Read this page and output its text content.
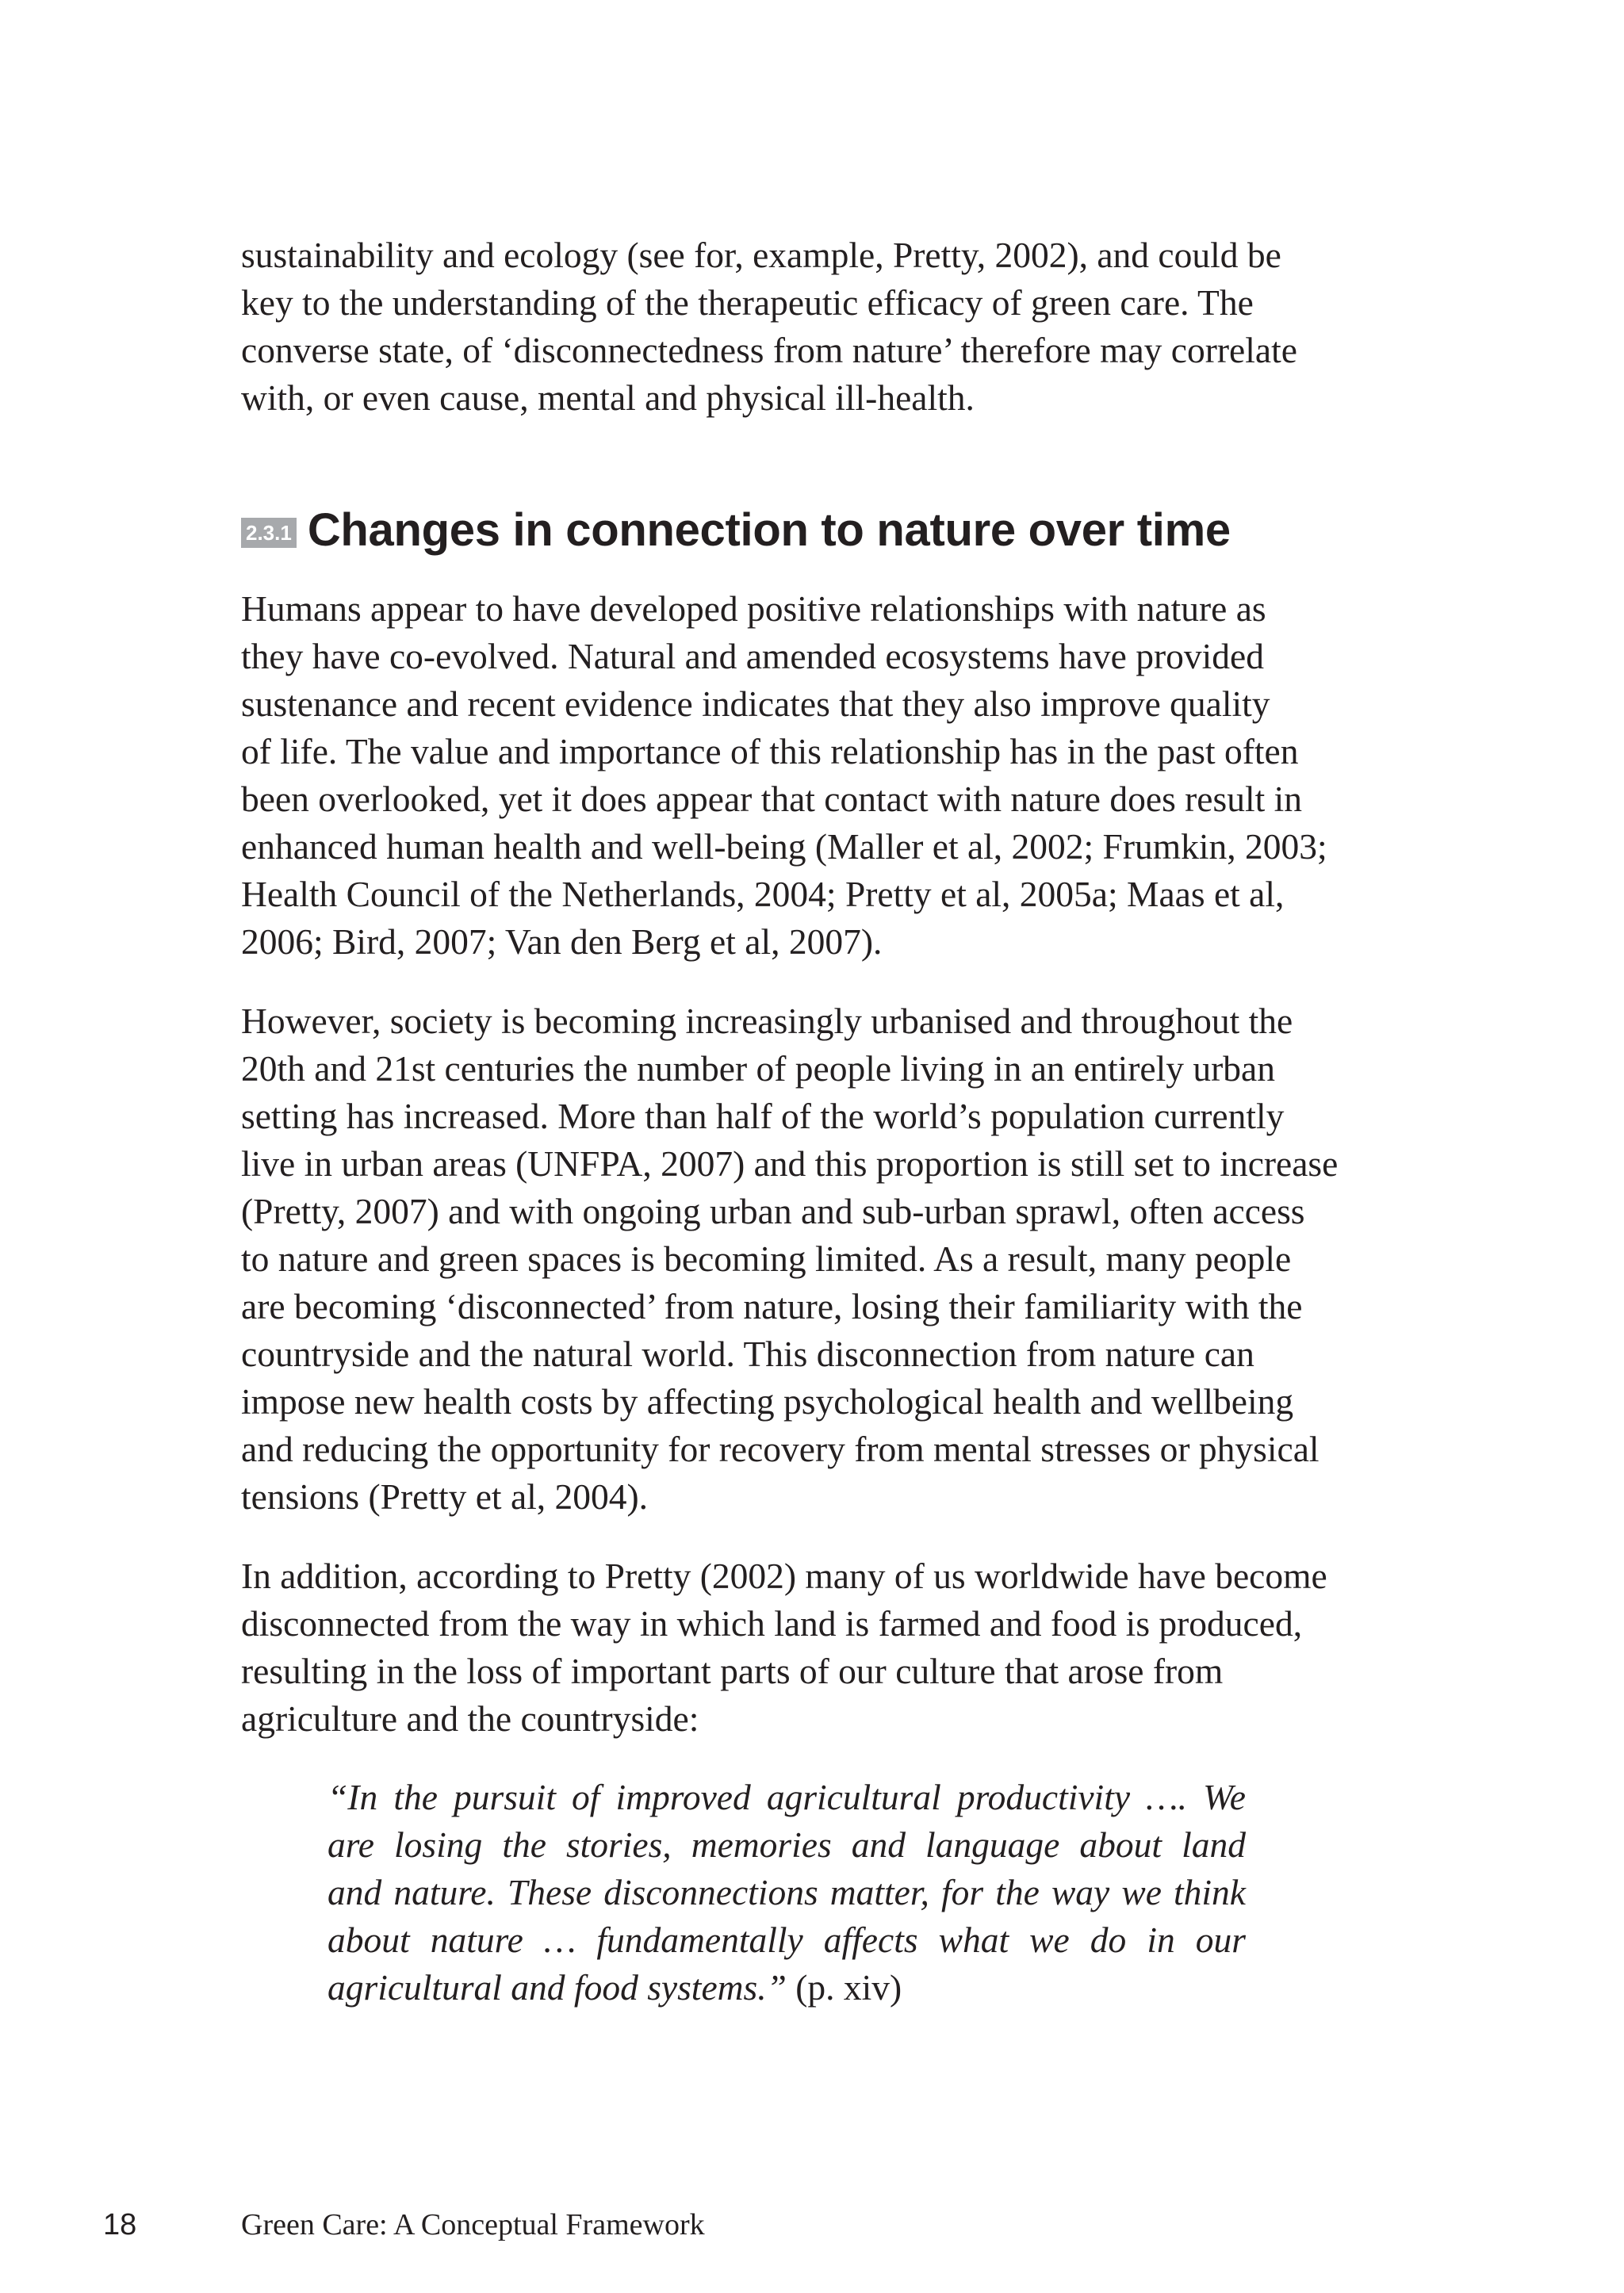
sustainability and ecology (see for, example, Pretty, 2002), and could be
key to the understanding of the therapeutic efficacy of green care. The
converse state, of ‘disconnectedness from nature’ therefore may correlate
with, or even cause, mental and physical ill-health.

2.3.1 Changes in connection to nature over time

Humans appear to have developed positive relationships with nature as
they have co-evolved. Natural and amended ecosystems have provided
sustenance and recent evidence indicates that they also improve quality
of life. The value and importance of this relationship has in the past often
been overlooked, yet it does appear that contact with nature does result in
enhanced human health and well-being (Maller et al, 2002; Frumkin, 2003;
Health Council of the Netherlands, 2004; Pretty et al, 2005a; Maas et al,
2006; Bird, 2007; Van den Berg et al, 2007).

However, society is becoming increasingly urbanised and throughout the
20th and 21st centuries the number of people living in an entirely urban
setting has increased. More than half of the world’s population currently
live in urban areas (UNFPA, 2007) and this proportion is still set to increase
(Pretty, 2007) and with ongoing urban and sub-urban sprawl, often access
to nature and green spaces is becoming limited. As a result, many people
are becoming ‘disconnected’ from nature, losing their familiarity with the
countryside and the natural world. This disconnection from nature can
impose new health costs by affecting psychological health and wellbeing
and reducing the opportunity for recovery from mental stresses or physical
tensions (Pretty et al, 2004).

In addition, according to Pretty (2002) many of us worldwide have become
disconnected from the way in which land is farmed and food is produced,
resulting in the loss of important parts of our culture that arose from
agriculture and the countryside:

“In the pursuit of improved agricultural productivity …. We
are losing the stories, memories and language about land
and nature. These disconnections matter, for the way we think
about nature … fundamentally affects what we do in our
agricultural and food systems.” (p. xiv)
18	Green Care: A Conceptual Framework
